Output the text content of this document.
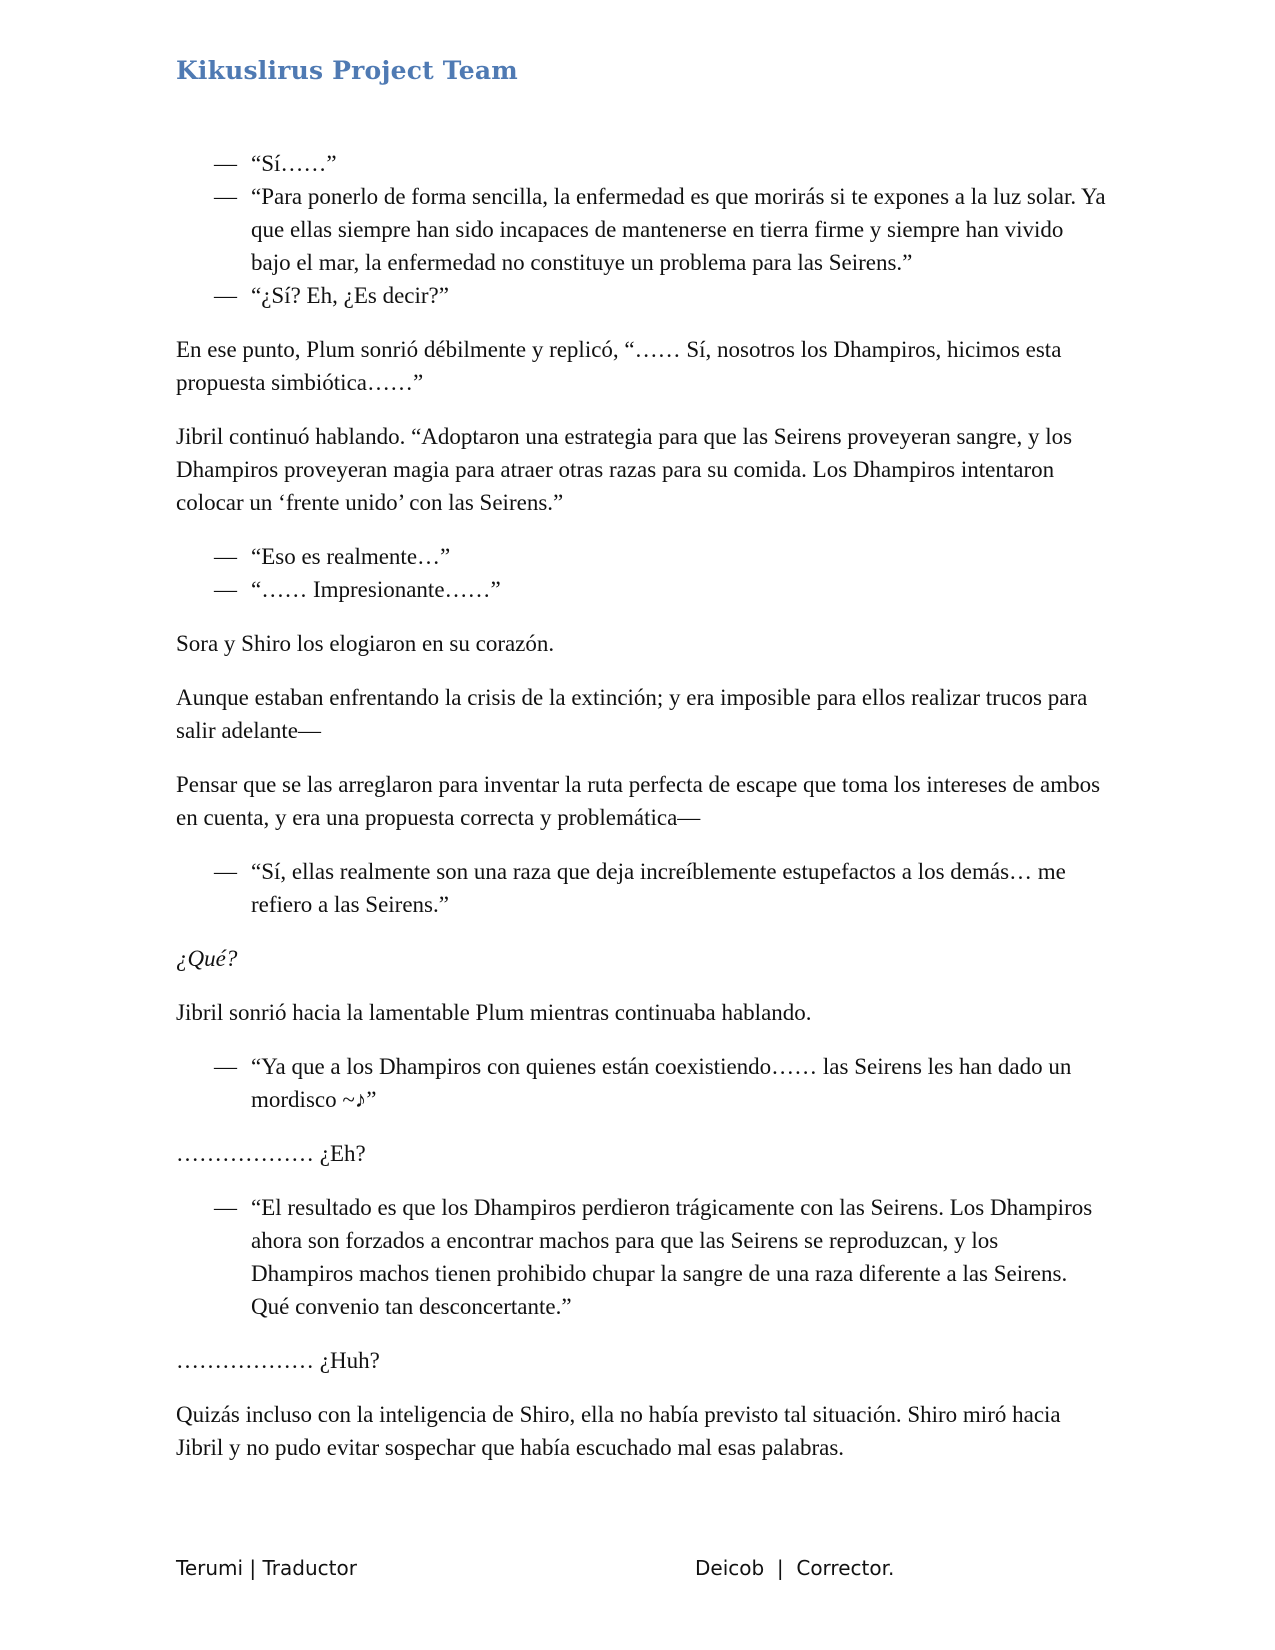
Kikuslirus Project Team
— “Sí……”
— “Para ponerlo de forma sencilla, la enfermedad es que morirás si te expones a la luz solar. Ya que ellas siempre han sido incapaces de mantenerse en tierra firme y siempre han vivido bajo el mar, la enfermedad no constituye un problema para las Seirens.”
— “¿Sí? Eh, ¿Es decir?”

En ese punto, Plum sonrió débilmente y replicó, “…… Sí, nosotros los Dhampiros, hicimos esta propuesta simbiótica……”

Jibril continuó hablando. “Adoptaron una estrategia para que las Seirens proveyeran sangre, y los Dhampiros proveyeran magia para atraer otras razas para su comida. Los Dhampiros intentaron colocar un ‘frente unido’ con las Seirens.”

— “Eso es realmente…”
— “…… Impresionante……”

Sora y Shiro los elogiaron en su corazón.

Aunque estaban enfrentando la crisis de la extinción; y era imposible para ellos realizar trucos para salir adelante—

Pensar que se las arreglaron para inventar la ruta perfecta de escape que toma los intereses de ambos en cuenta, y era una propuesta correcta y problemática—

— “Sí, ellas realmente son una raza que deja increíblemente estupefactos a los demás… me refiero a las Seirens.”

¿Qué?

Jibril sonrió hacia la lamentable Plum mientras continuaba hablando.

— “Ya que a los Dhampiros con quienes están coexistiendo…… las Seirens les han dado un mordisco ~♪”

……………… ¿Eh?

— “El resultado es que los Dhampiros perdieron trágicamente con las Seirens. Los Dhampiros ahora son forzados a encontrar machos para que las Seirens se reproduzcan, y los Dhampiros machos tienen prohibido chupar la sangre de una raza diferente a las Seirens. Qué convenio tan desconcertante.”

……………… ¿Huh?

Quizás incluso con la inteligencia de Shiro, ella no había previsto tal situación. Shiro miró hacia Jibril y no pudo evitar sospechar que había escuchado mal esas palabras.

Terumi | Traductor	Deicob  |  Corrector.
